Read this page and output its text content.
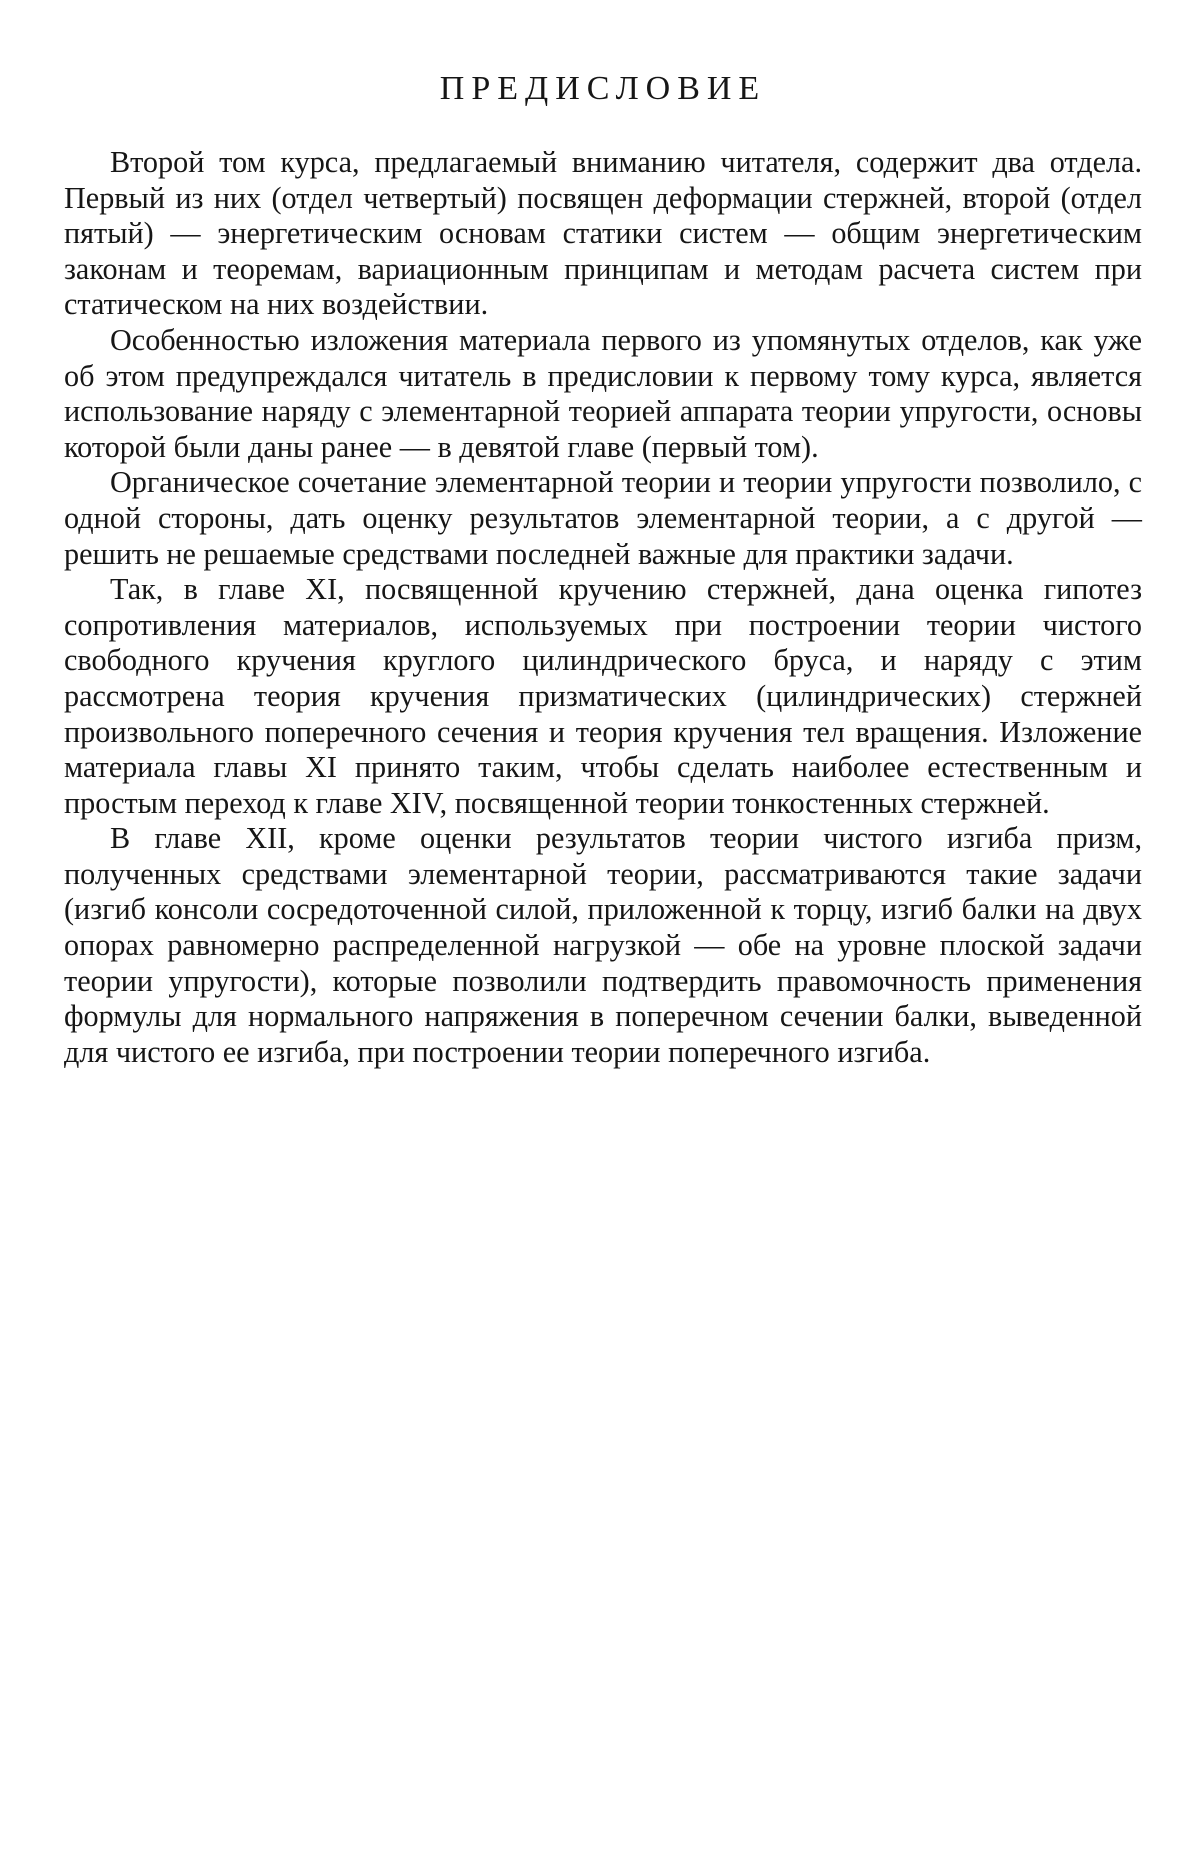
ПРЕДИСЛОВИЕ

Второй том курса, предлагаемый вниманию читателя, содержит два отдела. Первый из них (отдел четвертый) посвящен деформации стержней, второй (отдел пятый) — энергетическим основам статики систем — общим энергетическим законам и теоремам, вариационным принципам и методам расчета систем при статическом на них воздействии.

Особенностью изложения материала первого из упомянутых отделов, как уже об этом предупреждался читатель в предисловии к первому тому курса, является использование наряду с элементарной теорией аппарата теории упругости, основы которой были даны ранее — в девятой главе (первый том).

Органическое сочетание элементарной теории и теории упругости позволило, с одной стороны, дать оценку результатов элементарной теории, а с другой — решить не решаемые средствами последней важные для практики задачи.

Так, в главе XI, посвященной кручению стержней, дана оценка гипотез сопротивления материалов, используемых при построении теории чистого свободного кручения круглого цилиндрического бруса, и наряду с этим рассмотрена теория кручения призматических (цилиндрических) стержней произвольного поперечного сечения и теория кручения тел вращения. Изложение материала главы XI принято таким, чтобы сделать наиболее естественным и простым переход к главе XIV, посвященной теории тонкостенных стержней.

В главе XII, кроме оценки результатов теории чистого изгиба призм, полученных средствами элементарной теории, рассматриваются такие задачи (изгиб консоли сосредоточенной силой, приложенной к торцу, изгиб балки на двух опорах равномерно распределенной нагрузкой — обе на уровне плоской задачи теории упругости), которые позволили подтвердить правомочность применения формулы для нормального напряжения в поперечном сечении балки, выведенной для чистого ее изгиба, при построении теории поперечного изгиба.
